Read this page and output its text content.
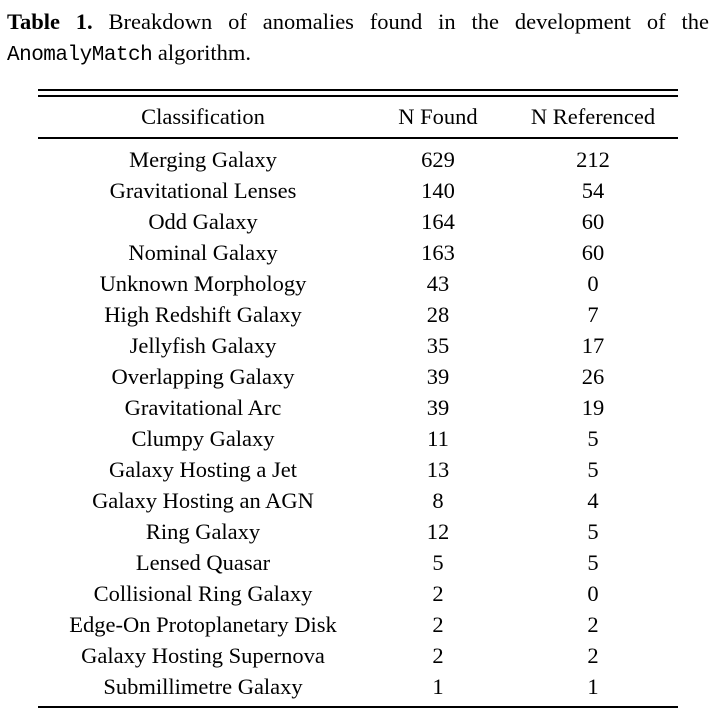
Table 1. Breakdown of anomalies found in the development of the
AnomalyMatch algorithm.
Classification	N Found	N Referenced
Merging Galaxy	629	212
Gravitational Lenses	140	54
Odd Galaxy	164	60
Nominal Galaxy	163	60
Unknown Morphology	43	0
High Redshift Galaxy	28	7
Jellyfish Galaxy	35	17
Overlapping Galaxy	39	26
Gravitational Arc	39	19
Clumpy Galaxy	11	5
Galaxy Hosting a Jet	13	5
Galaxy Hosting an AGN	8	4
Ring Galaxy	12	5
Lensed Quasar	5	5
Collisional Ring Galaxy	2	0
Edge-On Protoplanetary Disk	2	2
Galaxy Hosting Supernova	2	2
Submillimetre Galaxy	1	1
